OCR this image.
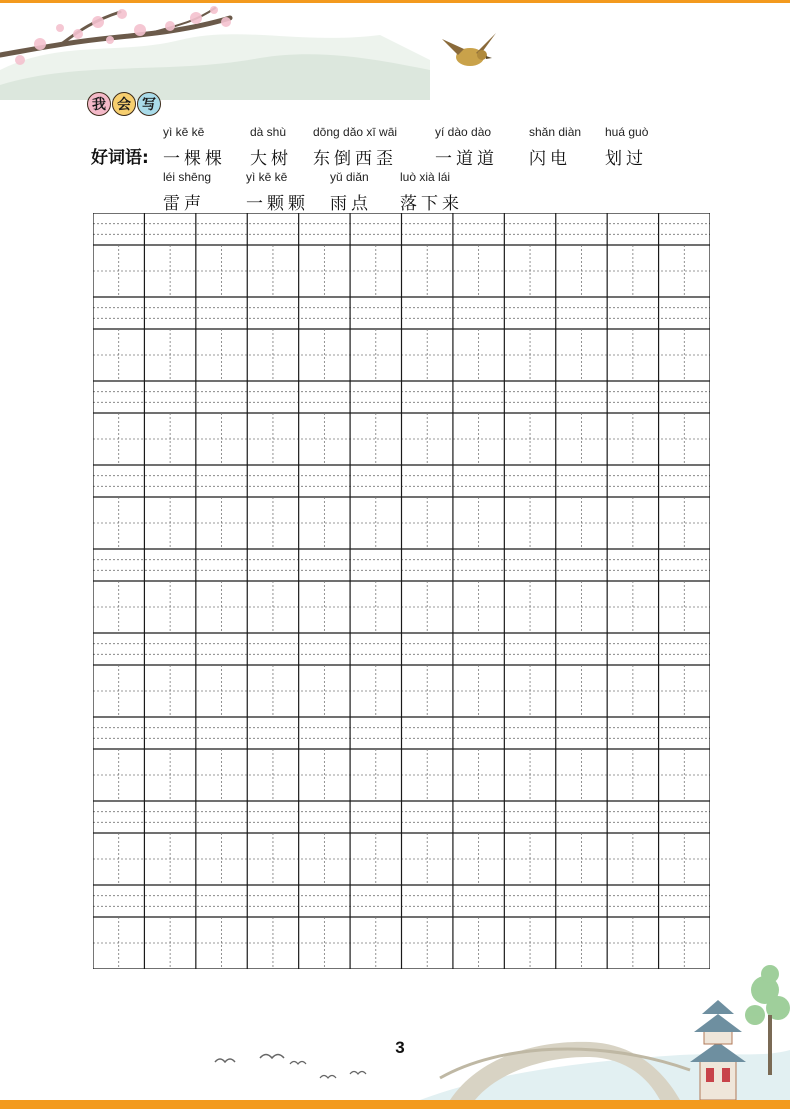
我 会 写
好词语:
yì kē kē
一棵棵
dà shù
大树
dōng dǎo xī wāi
东倒西歪
yí dào dào
一道道
shǎn diàn
闪电
huá guò
划过
léi shēng
雷声
yì kē kē
一颗颗
yǔ diǎn
雨点
luò xià lái
落下来
3
